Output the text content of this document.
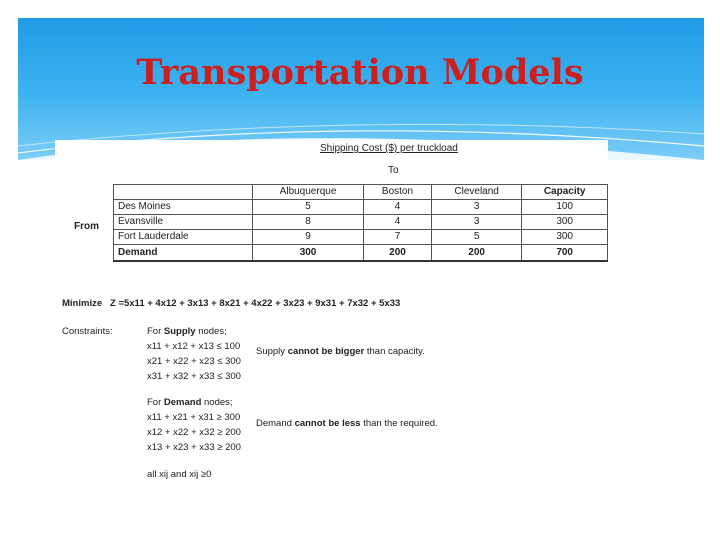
Transportation Models
Shipping Cost ($) per truckload
To
From
	Albuquerque	Boston	Cleveland	Capacity
Des Moines	5	4	3	100
Evansville	8	4	3	300
Fort Lauderdale	9	7	5	300
Demand	300	200	200	700
Minimize Z =5x11 + 4x12 + 3x13 + 8x21 + 4x22 + 3x23 + 9x31 + 7x32 + 5x33
Constraints:	For Supply nodes;
x11 + x12 + x13 ≤ 100
x21 + x22 + x23 ≤ 300
x31 + x32 + x33 ≤ 300
Supply cannot be bigger than capacity.
For Demand nodes;
x11 + x21 + x31 ≥ 300
x12 + x22 + x32 ≥ 200
x13 + x23 + x33 ≥ 200
Demand cannot be less than the required.
all xij and xij ≥0
